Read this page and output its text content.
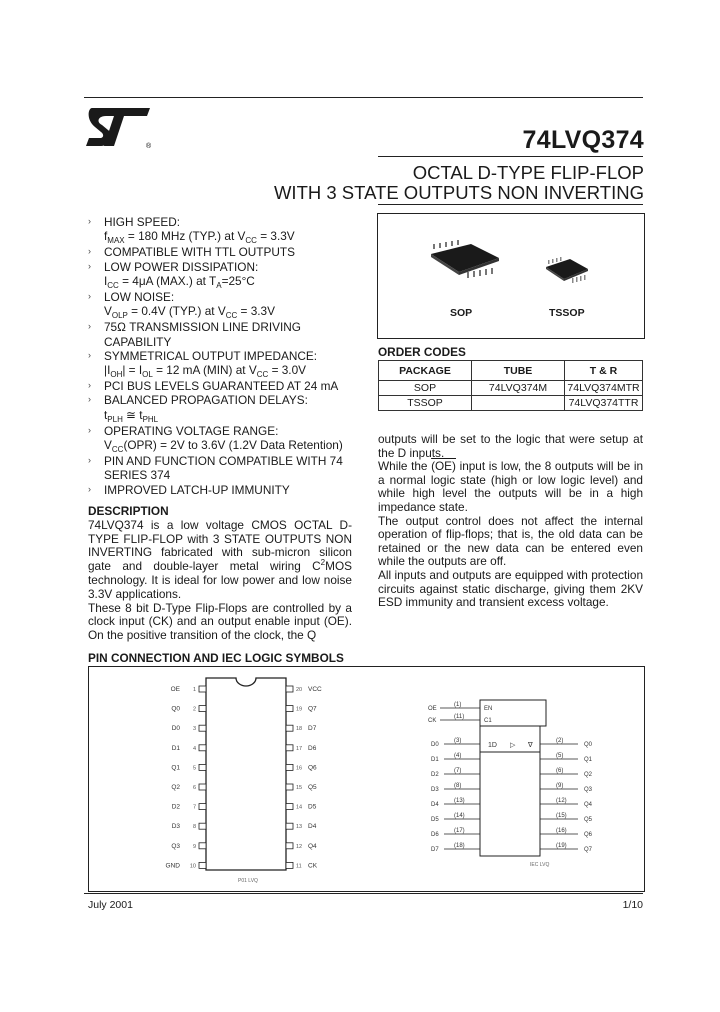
®	74LVQ374
OCTAL D-TYPE FLIP-FLOP
WITH 3 STATE OUTPUTS NON INVERTING
› HIGH SPEED:
$f_{MAX} = 180$ MHz (TYP.) at $V_{CC} = 3.3V$
› COMPATIBLE WITH TTL OUTPUTS
› LOW POWER DISSIPATION:
$I_{CC} = 4\mu A$ (MAX.) at $T_A=25^\circ C$
› LOW NOISE:
$V_{OLP} = 0.4V$ (TYP.) at $V_{CC} = 3.3V$
› 75Ω TRANSMISSION LINE DRIVING CAPABILITY
› SYMMETRICAL OUTPUT IMPEDANCE:
$|I_{OH}| = I_{OL} = 12$ mA (MIN) at $V_{CC} = 3.0V$
› PCI BUS LEVELS GUARANTEED AT 24 mA
› BALANCED PROPAGATION DELAYS:
$t_{PLH}$ ≅ $t_{PHL}$
› OPERATING VOLTAGE RANGE:
$V_{CC}(OPR) = 2V$ to 3.6V (1.2V Data Retention)
› PIN AND FUNCTION COMPATIBLE WITH 74 SERIES 374
› IMPROVED LATCH-UP IMMUNITY
DESCRIPTION
74LVQ374 is a low voltage CMOS OCTAL D-TYPE FLIP-FLOP with 3 STATE OUTPUTS NON INVERTING fabricated with sub-micron silicon gate and double-layer metal wiring $C^2MOS$ technology. It is ideal for low power and low noise 3.3V applications.
These 8 bit D-Type Flip-Flops are controlled by a clock input (CK) and an output enable input (OE). On the positive transition of the clock, the Q
SOP	TSSOP
ORDER CODES
PACKAGE	TUBE	T & R
SOP	74LVQ374M	74LVQ374MTR
TSSOP		74LVQ374TTR
outputs will be set to the logic that were setup at the D inputs.
While the (OE) input is low, the 8 outputs will be in a normal logic state (high or low logic level) and while high level the outputs will be in a high impedance state.
The output control does not affect the internal operation of flip-flops; that is, the old data can be retained or the new data can be entered even while the outputs are off.
All inputs and outputs are equipped with protection circuits against static discharge, giving them 2KV ESD immunity and transient excess voltage.
PIN CONNECTION AND IEC LOGIC SYMBOLS
OE 1
Q0 2
D0 3
D1 4
Q1 5
Q2 6
D2 7
D3 8
Q3 9
GND 10
20 VCC
19 Q7
18 D7
17 D6
16 Q6
15 Q5
14 D5
13 D4
12 Q4
11 CK
P01 LVQ
OE
(1)
EN
CK
(11)
C1
1D ▷ ∇
D0
(3)
D1
(4)
D2
(7)
D3
(8)
D4
(13)
D5
(14)
D6
(17)
D7
(18)
(2)
Q0
(5)
Q1
(6)
Q2
(9)
Q3
(12)
Q4
(15)
Q5
(16)
Q6
(19)
Q7
IEC LVQ
July 2001	1/10
